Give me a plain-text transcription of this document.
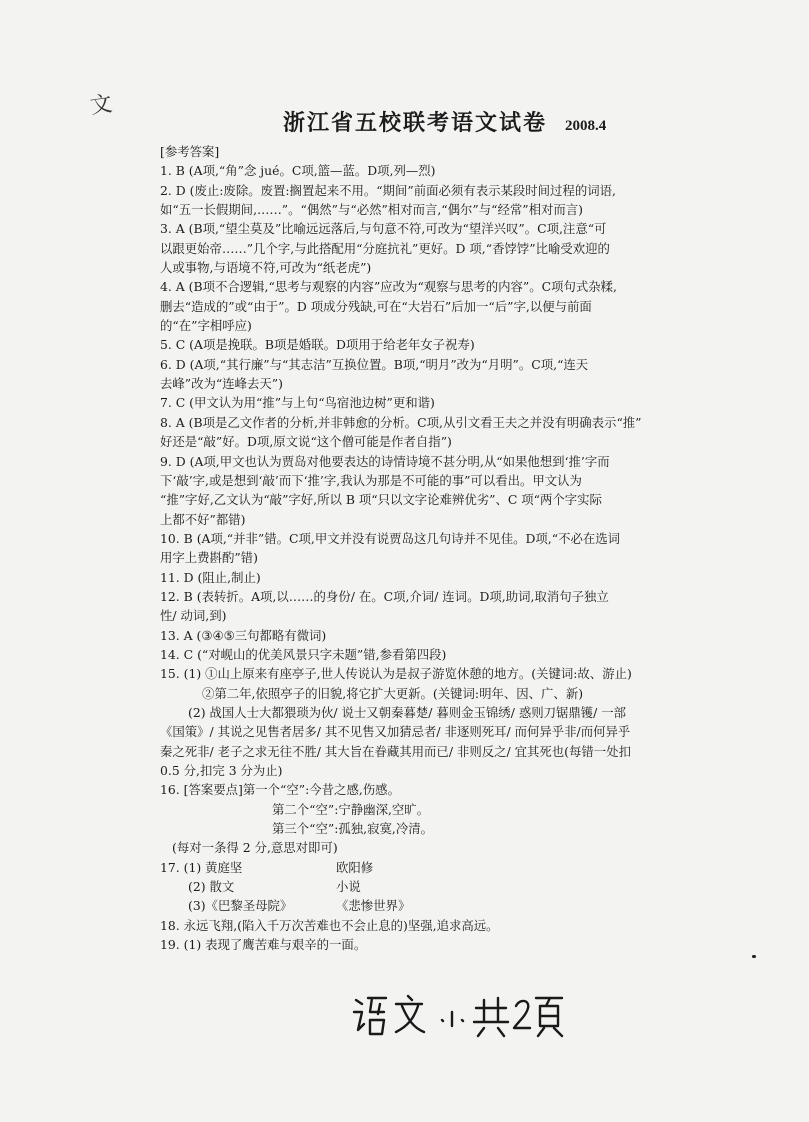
文
浙江省五校联考语文试卷 2008.4
[参考答案]
1. B (A项,“角”念 jué。C项,篮—蓝。D项,列—烈)
2. D (废止:废除。废置:搁置起来不用。“期间”前面必须有表示某段时间过程的词语,
如“五一长假期间,……”。“偶然”与“必然”相对而言,“偶尔”与“经常”相对而言)
3. A (B项,“望尘莫及”比喻远远落后,与句意不符,可改为“望洋兴叹”。C项,注意“可
以跟更始帝……”几个字,与此搭配用“分庭抗礼”更好。D 项,“香饽饽”比喻受欢迎的
人或事物,与语境不符,可改为“纸老虎”)
4. A (B项不合逻辑,“思考与观察的内容”应改为“观察与思考的内容”。C项句式杂糅,
删去“造成的”或“由于”。D 项成分残缺,可在“大岩石”后加一“后”字,以便与前面
的“在”字相呼应)
5. C (A项是挽联。B项是婚联。D项用于给老年女子祝寿)
6. D (A项,“其行廉”与“其志洁”互换位置。B项,“明月”改为“月明”。C项,“连天
去峰”改为“连峰去天”)
7. C (甲文认为用“推”与上句“鸟宿池边树”更和谐)
8. A (B项是乙文作者的分析,并非韩愈的分析。C项,从引文看王夫之并没有明确表示“推”
好还是“敲”好。D项,原文说“这个僧可能是作者自指”)
9. D (A项,甲文也认为贾岛对他要表达的诗情诗境不甚分明,从“如果他想到‘推’字而
下‘敲’字,或是想到‘敲’而下‘推’字,我认为那是不可能的事”可以看出。甲文认为
“推”字好,乙文认为“敲”字好,所以 B 项“只以文字论难辨优劣”、C 项“两个字实际
上都不好”都错)
10. B (A项,“并非”错。C项,甲文并没有说贾岛这几句诗并不见佳。D项,“不必在选词
用字上费斟酌”错)
11. D (阻止,制止)
12. B (表转折。A项,以……的身份/ 在。C项,介词/ 连词。D项,助词,取消句子独立
性/ 动词,到)
13. A (③④⑤三句都略有微词)
14. C (“对岘山的优美风景只字未题”错,参看第四段)
15. (1) ①山上原来有座亭子,世人传说认为是叔子游览休憩的地方。(关键词:故、游止)
②第二年,依照亭子的旧貌,将它扩大更新。(关键词:明年、因、广、新)
(2) 战国人士大都猥琐为伙/ 说士又朝秦暮楚/ 暮则金玉锦绣/ 惑则刀锯鼎镬/ 一部
《国策》/ 其说之见售者居多/ 其不见售又加猜忌者/ 非逐则死耳/ 而何异乎非/而何异乎
秦之死非/ 老子之求无往不胜/ 其大旨在眷藏其用而已/ 非则反之/ 宜其死也(每错一处扣
0.5 分,扣完 3 分为止)
16. [答案要点]第一个“空”:今昔之感,伤感。
第二个“空”:宁静幽深,空旷。
第三个“空”:孤独,寂寞,冷清。
(每对一条得 2 分,意思对即可)
17. (1) 黄庭坚	欧阳修
(2) 散文	小说
(3)《巴黎圣母院》	《悲惨世界》
18. 永远飞翔,(陷入千万次苦难也不会止息的)坚强,追求高远。
19. (1) 表现了鹰苦难与艰辛的一面。
